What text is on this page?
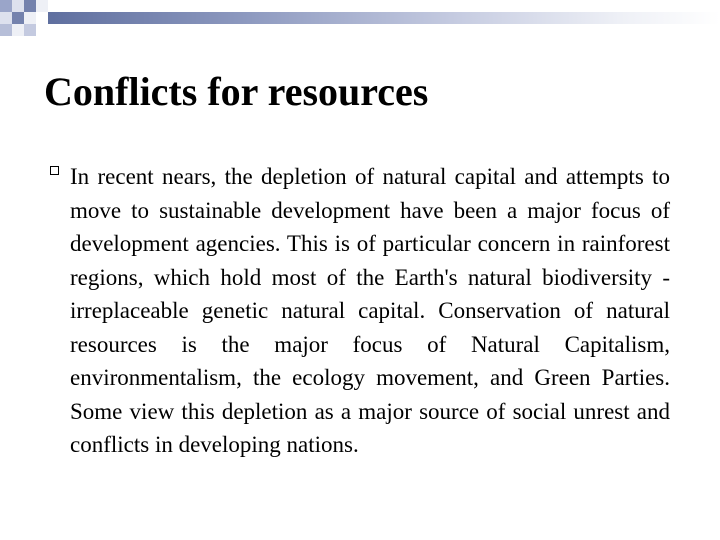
Conflicts for resources

In recent nears, the depletion of natural capital and attempts to move to sustainable development have been a major focus of development agencies. This is of particular concern in rainforest regions, which hold most of the Earth's natural biodiversity - irreplaceable genetic natural capital. Conservation of natural resources is the major focus of Natural Capitalism, environmentalism, the ecology movement, and Green Parties. Some view this depletion as a major source of social unrest and conflicts in developing nations.
